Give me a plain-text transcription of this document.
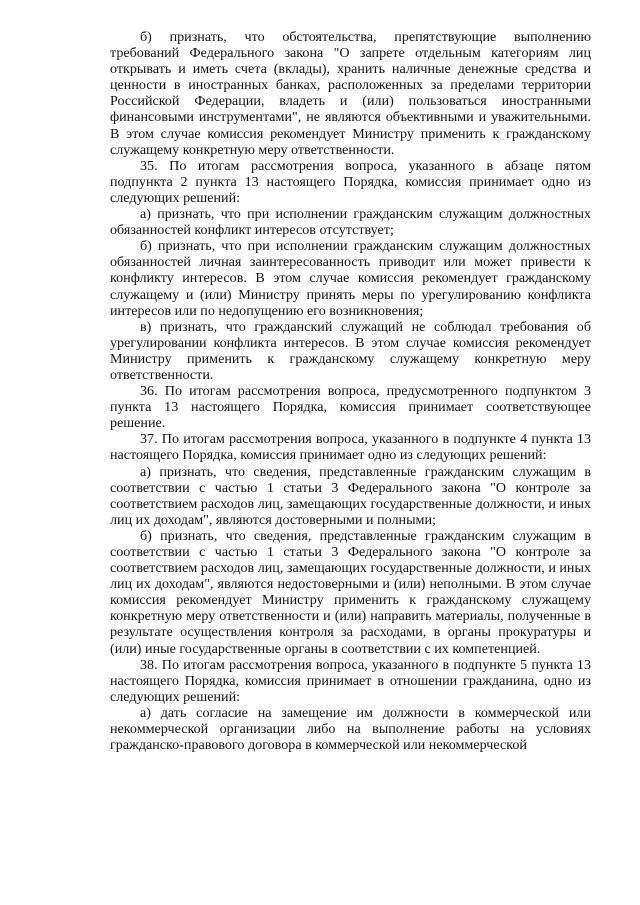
б) признать, что обстоятельства, препятствующие выполнению требований Федерального закона "О запрете отдельным категориям лиц открывать и иметь счета (вклады), хранить наличные денежные средства и ценности в иностранных банках, расположенных за пределами территории Российской Федерации, владеть и (или) пользоваться иностранными финансовыми инструментами", не являются объективными и уважительными. В этом случае комиссия рекомендует Министру применить к гражданскому служащему конкретную меру ответственности.

35. По итогам рассмотрения вопроса, указанного в абзаце пятом подпункта 2 пункта 13 настоящего Порядка, комиссия принимает одно из следующих решений:

а) признать, что при исполнении гражданским служащим должностных обязанностей конфликт интересов отсутствует;

б) признать, что при исполнении гражданским служащим должностных обязанностей личная заинтересованность приводит или может привести к конфликту интересов. В этом случае комиссия рекомендует гражданскому служащему и (или) Министру принять меры по урегулированию конфликта интересов или по недопущению его возникновения;

в) признать, что гражданский служащий не соблюдал требования об урегулировании конфликта интересов. В этом случае комиссия рекомендует Министру применить к гражданскому служащему конкретную меру ответственности.

36. По итогам рассмотрения вопроса, предусмотренного подпунктом 3 пункта 13 настоящего Порядка, комиссия принимает соответствующее решение.

37. По итогам рассмотрения вопроса, указанного в подпункте 4 пункта 13 настоящего Порядка, комиссия принимает одно из следующих решений:

а) признать, что сведения, представленные гражданским служащим в соответствии с частью 1 статьи 3 Федерального закона "О контроле за соответствием расходов лиц, замещающих государственные должности, и иных лиц их доходам", являются достоверными и полными;

б) признать, что сведения, представленные гражданским служащим в соответствии с частью 1 статьи 3 Федерального закона "О контроле за соответствием расходов лиц, замещающих государственные должности, и иных лиц их доходам", являются недостоверными и (или) неполными. В этом случае комиссия рекомендует Министру применить к гражданскому служащему конкретную меру ответственности и (или) направить материалы, полученные в результате осуществления контроля за расходами, в органы прокуратуры и (или) иные государственные органы в соответствии с их компетенцией.

38. По итогам рассмотрения вопроса, указанного в подпункте 5 пункта 13 настоящего Порядка, комиссия принимает в отношении гражданина, одно из следующих решений:

а) дать согласие на замещение им должности в коммерческой или некоммерческой организации либо на выполнение работы на условиях гражданско-правового договора в коммерческой или некоммерческой
